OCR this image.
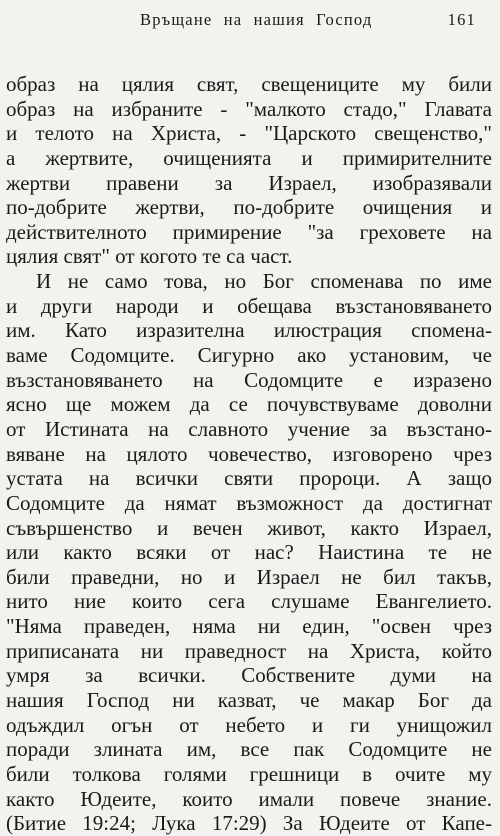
Връщане на нашия Господ	161
образ на цялия свят, свещениците му били
образ на избраните - "малкото стадо," Главата
и телото на Христа, - "Царското свещенство,"
а жертвите, очищенията и примирителните
жертви правени за Израел, изобразявали
по-добрите жертви, по-добрите очищения и
действителното примирение "за греховете на
цялия свят" от когото те са част.
И не само това, но Бог споменава по име
и други народи и обещава възстановяването
им. Като изразителна илюстрация спомена-
ваме Содомците. Сигурно ако установим, че
възстановяването на Содомците е изразено
ясно ще можем да се почувствуваме доволни
от Истината на славното учение за възстано-
вяване на цялото човечество, изговорено чрез
устата на всички святи пророци. А защо
Содомците да нямат възможност да достигнат
съвършенство и вечен живот, както Израел,
или както всяки от нас? Наистина те не
били праведни, но и Израел не бил такъв,
нито ние които сега слушаме Евангелието.
"Няма праведен, няма ни един, "освен чрез
приписаната ни праведност на Христа, който
умря за всички. Собствените думи на
нашия Господ ни казват, че макар Бог да
одъждил огън от небето и ги унищожил
поради злината им, все пак Содомците не
били толкова голями грешници в очите му
както Юдеите, които имали повече знание.
(Битие 19:24; Лука 17:29) За Юдеите от Капе-
